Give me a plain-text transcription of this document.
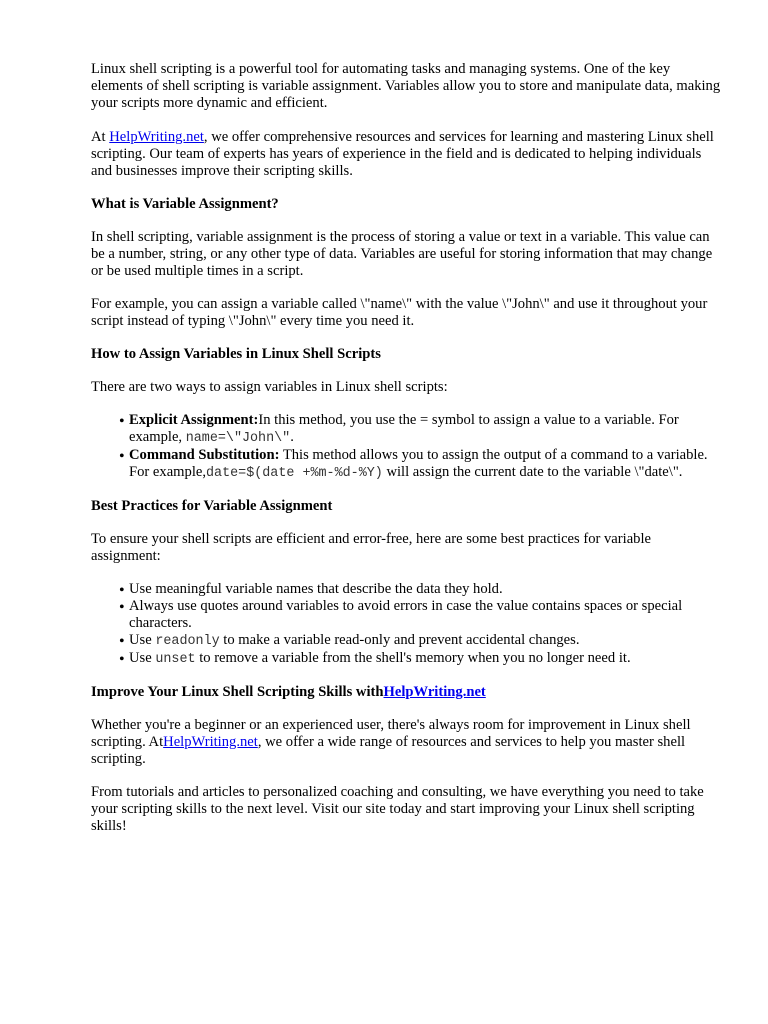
Linux shell scripting is a powerful tool for automating tasks and managing systems. One of the key elements of shell scripting is variable assignment. Variables allow you to store and manipulate data, making your scripts more dynamic and efficient.

At HelpWriting.net, we offer comprehensive resources and services for learning and mastering Linux shell scripting. Our team of experts has years of experience in the field and is dedicated to helping individuals and businesses improve their scripting skills.

What is Variable Assignment?

In shell scripting, variable assignment is the process of storing a value or text in a variable. This value can be a number, string, or any other type of data. Variables are useful for storing information that may change or be used multiple times in a script.

For example, you can assign a variable called \"name\" with the value \"John\" and use it throughout your script instead of typing \"John\" every time you need it.

How to Assign Variables in Linux Shell Scripts

There are two ways to assign variables in Linux shell scripts:

• Explicit Assignment:In this method, you use the = symbol to assign a value to a variable. For example, name=\"John\".
• Command Substitution: This method allows you to assign the output of a command to a variable. For example,date=$(date +%m-%d-%Y) will assign the current date to the variable \"date\".
Best Practices for Variable Assignment

To ensure your shell scripts are efficient and error-free, here are some best practices for variable assignment:

• Use meaningful variable names that describe the data they hold.
• Always use quotes around variables to avoid errors in case the value contains spaces or special characters.
• Use readonly to make a variable read-only and prevent accidental changes.
• Use unset to remove a variable from the shell's memory when you no longer need it.
Improve Your Linux Shell Scripting Skills withHelpWriting.net

Whether you're a beginner or an experienced user, there's always room for improvement in Linux shell scripting. AtHelpWriting.net, we offer a wide range of resources and services to help you master shell scripting.

From tutorials and articles to personalized coaching and consulting, we have everything you need to take your scripting skills to the next level. Visit our site today and start improving your Linux shell scripting skills!
